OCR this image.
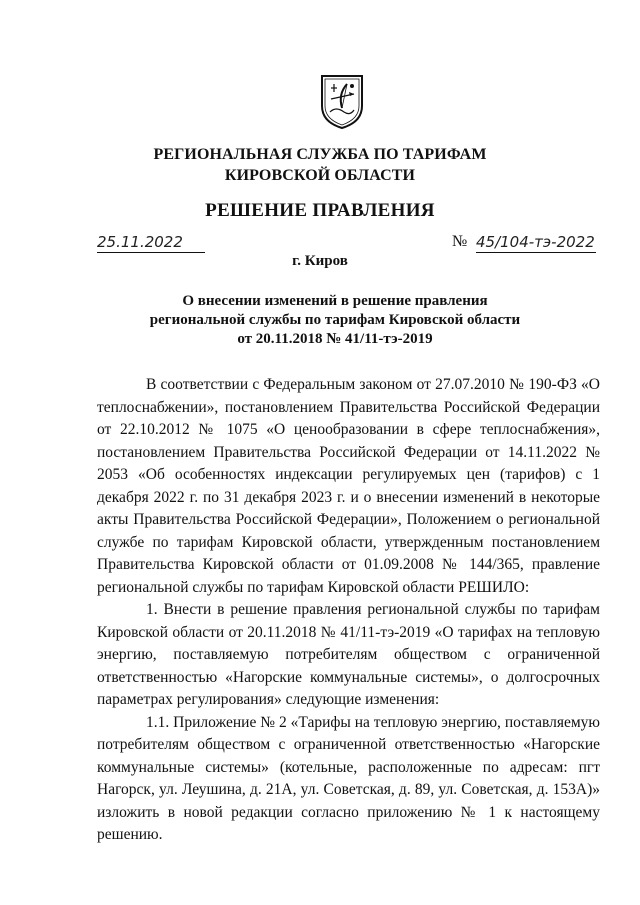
РЕГИОНАЛЬНАЯ СЛУЖБА ПО ТАРИФАМ
КИРОВСКОЙ ОБЛАСТИ
РЕШЕНИЕ ПРАВЛЕНИЯ
25.11.2022	№ 45/104-тэ-2022
г. Киров
О внесении изменений в решение правления
региональной службы по тарифам Кировской области
от 20.11.2018 № 41/11-тэ-2019

В соответствии с Федеральным законом от 27.07.2010 № 190-ФЗ «О теплоснабжении», постановлением Правительства Российской Федерации от 22.10.2012 № 1075 «О ценообразовании в сфере теплоснабжения», постановлением Правительства Российской Федерации от 14.11.2022 № 2053 «Об особенностях индексации регулируемых цен (тарифов) с 1 декабря 2022 г. по 31 декабря 2023 г. и о внесении изменений в некоторые акты Правительства Российской Федерации», Положением о региональной службе по тарифам Кировской области, утвержденным постановлением Правительства Кировской области от 01.09.2008 № 144/365, правление региональной службы по тарифам Кировской области РЕШИЛО:

1. Внести в решение правления региональной службы по тарифам Кировской области от 20.11.2018 № 41/11-тэ-2019 «О тарифах на тепловую энергию, поставляемую потребителям обществом с ограниченной ответственностью «Нагорские коммунальные системы», о долгосрочных параметрах регулирования» следующие изменения:

1.1. Приложение № 2 «Тарифы на тепловую энергию, поставляемую потребителям обществом с ограниченной ответственностью «Нагорские коммунальные системы» (котельные, расположенные по адресам: пгт Нагорск, ул. Леушина, д. 21А, ул. Советская, д. 89, ул. Советская, д. 153А)» изложить в новой редакции согласно приложению № 1 к настоящему решению.
